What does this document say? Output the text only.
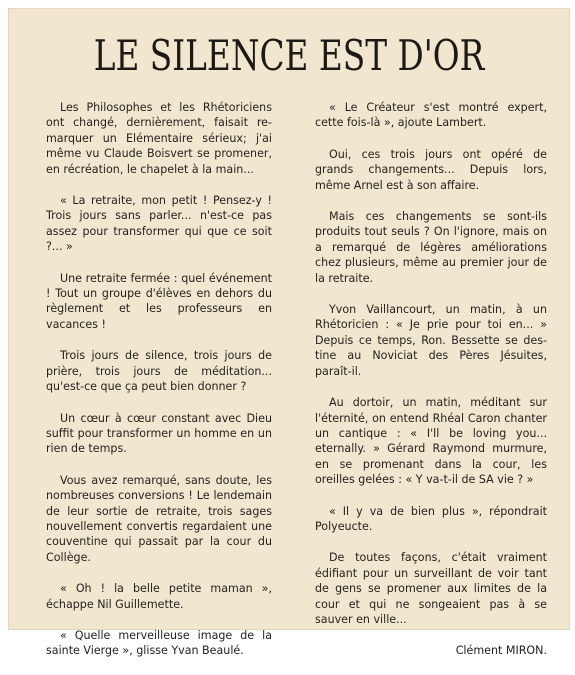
LE SILENCE EST D'OR

Les Philosophes et les Rhétoriciens ont changé, dernièrement, faisait remarquer un Elémentaire sérieux; j'ai même vu Claude Boisvert se promener, en récréation, le chapelet à la main...

« La retraite, mon petit ! Pensez-y ! Trois jours sans parler... n'est-ce pas assez pour transformer qui que ce soit ?... »

Une retraite fermée : quel événement ! Tout un groupe d'élèves en dehors du règlement et les professeurs en vacances !

Trois jours de silence, trois jours de prière, trois jours de méditation... qu'est-ce que ça peut bien donner ?

Un cœur à cœur constant avec Dieu suffit pour transformer un homme en un rien de temps.

Vous avez remarqué, sans doute, les nombreuses conversions ! Le lendemain de leur sortie de retraite, trois sages nouvellement convertis regardaient une couventine qui passait par la cour du Collège.

« Oh ! la belle petite maman », échappe Nil Guillemette.

« Quelle merveilleuse image de la sainte Vierge », glisse Yvan Beaulé.

« Le Créateur s'est montré expert, cette fois-là », ajoute Lambert.

Oui, ces trois jours ont opéré de grands changements... Depuis lors, même Arnel est à son affaire.

Mais ces changements se sont-ils produits tout seuls ? On l'ignore, mais on a remarqué de légères améliorations chez plusieurs, même au premier jour de la retraite.

Yvon Vaillancourt, un matin, à un Rhétoricien : « Je prie pour toi en... » Depuis ce temps, Ron. Bessette se destine au Noviciat des Pères Jésuites, paraît-il.

Au dortoir, un matin, méditant sur l'éternité, on entend Rhéal Caron chanter un cantique : « I'll be loving you... eternally. » Gérard Raymond murmure, en se promenant dans la cour, les oreilles gelées : « Y va-t-il de SA vie ? »

« Il y va de bien plus », répondrait Polyeucte.

De toutes façons, c'était vraiment édifiant pour un surveillant de voir tant de gens se promener aux limites de la cour et qui ne songeaient pas à se sauver en ville...

Clément MIRON.
